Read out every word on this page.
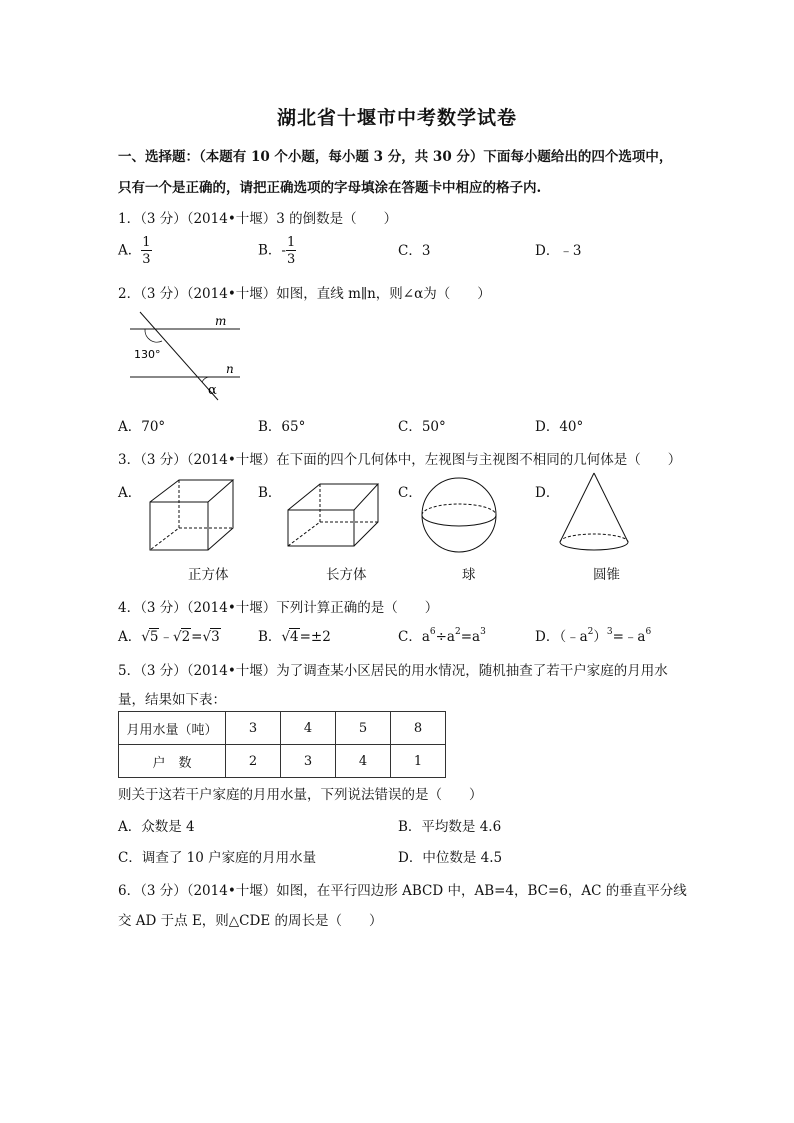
湖北省十堰市中考数学试卷
一、选择题：（本题有 10 个小题，每小题 3 分，共 30 分）下面每小题给出的四个选项中，
只有一个是正确的，请把正确选项的字母填涂在答题卡中相应的格子内.
1．（3 分）（2014•十堰）3 的倒数是（　　）
A． $\frac{1}{3}$	B．- $\frac{1}{3}$	C．3	D．﹣3
2．（3 分）（2014•十堰）如图，直线 m∥n，则∠α为（　　）
m
n
130°
α
A．70°	B．65°	C．50°	D．40°
3．（3 分）（2014•十堰）在下面的四个几何体中，左视图与主视图不相同的几何体是（　　）
A．	B．	C．	D．
正方体	长方体	球	圆锥
4．（3 分）（2014•十堰）下列计算正确的是（　　）
A．√5﹣√2=√3	B．√4=±2	C．$a^6\div a^2=a^3$	D．$(﹣a^2)^3=﹣a^6$
5．（3 分）（2014•十堰）为了调查某小区居民的用水情况，随机抽查了若干户家庭的月用水
量，结果如下表：
月用水量（吨）	3	4	5	8
户　数	2	3	4	1
则关于这若干户家庭的月用水量，下列说法错误的是（　　）
A．众数是 4	B．平均数是 4.6
C．调查了 10 户家庭的月用水量	D．中位数是 4.5
6．（3 分）（2014•十堰）如图，在平行四边形 ABCD 中，AB=4，BC=6，AC 的垂直平分线
交 AD 于点 E，则△CDE 的周长是（　　）
